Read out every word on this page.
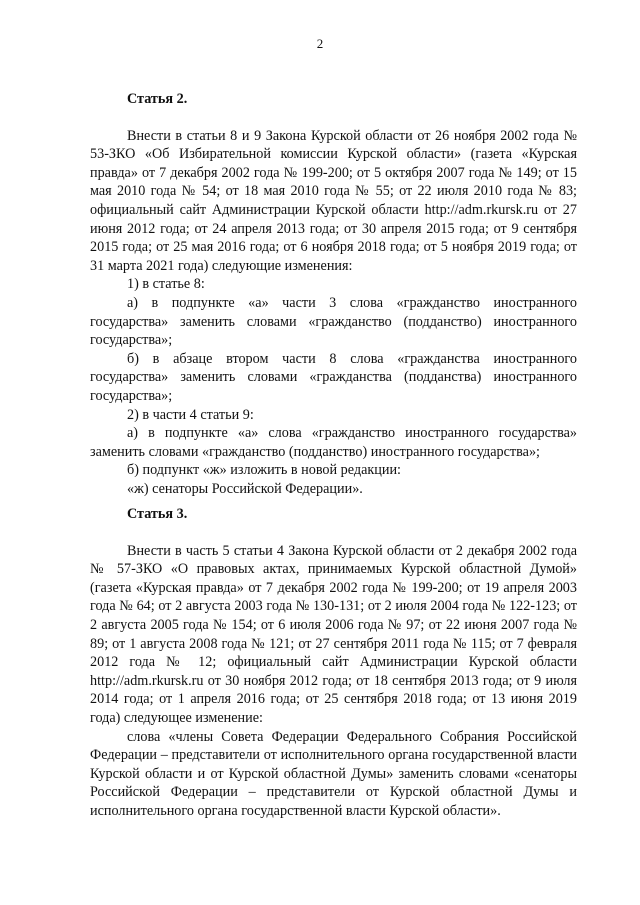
2

Статья 2.

Внести в статьи 8 и 9 Закона Курской области от 26 ноября 2002 года № 53-ЗКО «Об Избирательной комиссии Курской области» (газета «Курская правда» от 7 декабря 2002 года № 199-200; от 5 октября 2007 года № 149; от 15 мая 2010 года № 54; от 18 мая 2010 года № 55; от 22 июля 2010 года № 83; официальный сайт Администрации Курской области http://adm.rkursk.ru от 27 июня 2012 года; от 24 апреля 2013 года; от 30 апреля 2015 года; от 9 сентября 2015 года; от 25 мая 2016 года; от 6 ноября 2018 года; от 5 ноября 2019 года; от 31 марта 2021 года) следующие изменения:

1) в статье 8:

а) в подпункте «а» части 3 слова «гражданство иностранного государства» заменить словами «гражданство (подданство) иностранного государства»;

б) в абзаце втором части 8 слова «гражданства иностранного государства» заменить словами «гражданства (подданства) иностранного государства»;

2) в части 4 статьи 9:

а) в подпункте «а» слова «гражданство иностранного государства» заменить словами «гражданство (подданство) иностранного государства»;

б) подпункт «ж» изложить в новой редакции:

«ж) сенаторы Российской Федерации».

Статья 3.

Внести в часть 5 статьи 4 Закона Курской области от 2 декабря 2002 года № 57-ЗКО «О правовых актах, принимаемых Курской областной Думой» (газета «Курская правда» от 7 декабря 2002 года № 199-200; от 19 апреля 2003 года № 64; от 2 августа 2003 года № 130-131; от 2 июля 2004 года № 122-123; от 2 августа 2005 года № 154; от 6 июля 2006 года № 97; от 22 июня 2007 года № 89; от 1 августа 2008 года № 121; от 27 сентября 2011 года № 115; от 7 февраля 2012 года № 12; официальный сайт Администрации Курской области http://adm.rkursk.ru от 30 ноября 2012 года; от 18 сентября 2013 года; от 9 июля 2014 года; от 1 апреля 2016 года; от 25 сентября 2018 года; от 13 июня 2019 года) следующее изменение:

слова «члены Совета Федерации Федерального Собрания Российской Федерации – представители от исполнительного органа государственной власти Курской области и от Курской областной Думы» заменить словами «сенаторы Российской Федерации – представители от Курской областной Думы и исполнительного органа государственной власти Курской области».
